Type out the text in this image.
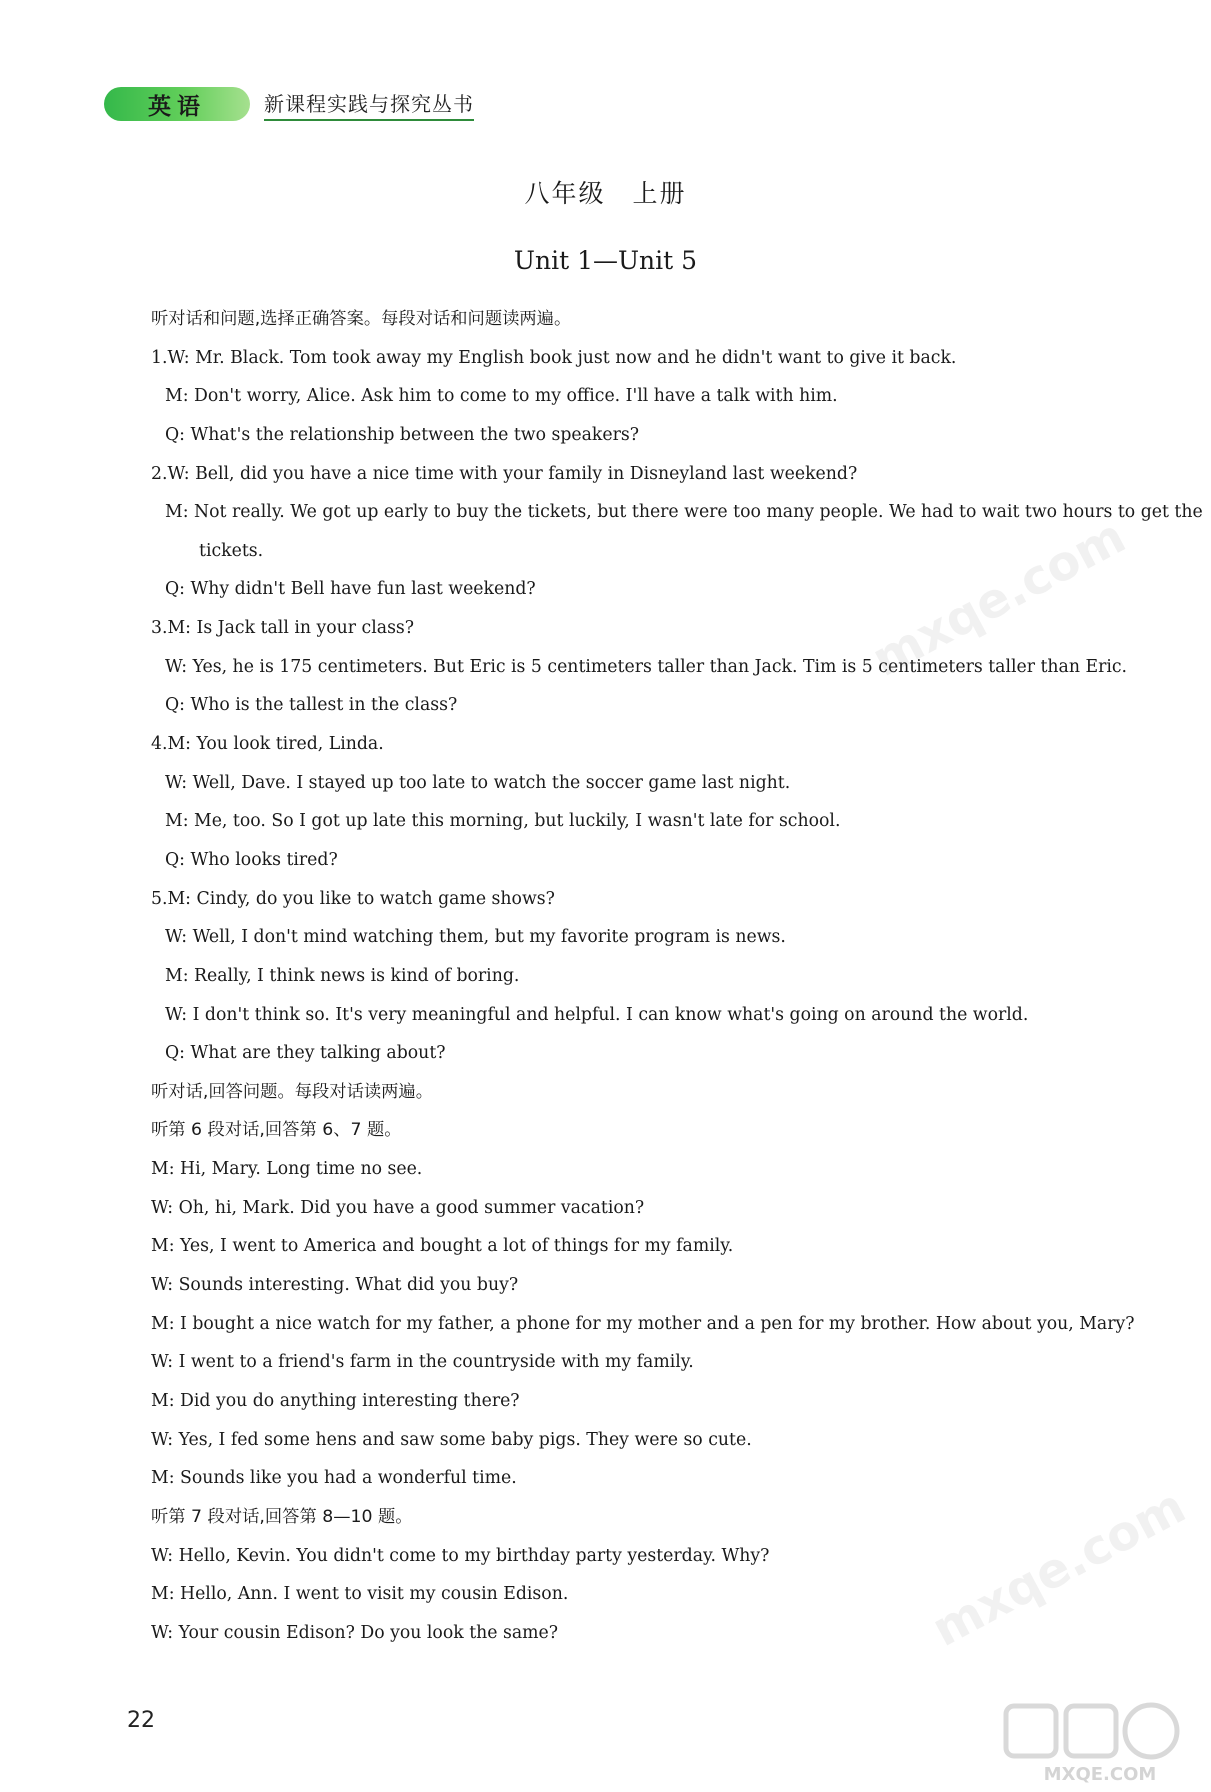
英语	新课程实践与探究丛书
八年级　上册
Unit 1—Unit 5
听对话和问题,选择正确答案。每段对话和问题读两遍。
1.W: Mr. Black. Tom took away my English book just now and he didn't want to give it back.
M: Don't worry, Alice. Ask him to come to my office. I'll have a talk with him.
Q: What's the relationship between the two speakers?
2.W: Bell, did you have a nice time with your family in Disneyland last weekend?
M: Not really. We got up early to buy the tickets, but there were too many people. We had to wait two hours to get the
tickets.
Q: Why didn't Bell have fun last weekend?
3.M: Is Jack tall in your class?
W: Yes, he is 175 centimeters. But Eric is 5 centimeters taller than Jack. Tim is 5 centimeters taller than Eric.
Q: Who is the tallest in the class?
4.M: You look tired, Linda.
W: Well, Dave. I stayed up too late to watch the soccer game last night.
M: Me, too. So I got up late this morning, but luckily, I wasn't late for school.
Q: Who looks tired?
5.M: Cindy, do you like to watch game shows?
W: Well, I don't mind watching them, but my favorite program is news.
M: Really, I think news is kind of boring.
W: I don't think so. It's very meaningful and helpful. I can know what's going on around the world.
Q: What are they talking about?
听对话,回答问题。每段对话读两遍。
听第 6 段对话,回答第 6、7 题。
M: Hi, Mary. Long time no see.
W: Oh, hi, Mark. Did you have a good summer vacation?
M: Yes, I went to America and bought a lot of things for my family.
W: Sounds interesting. What did you buy?
M: I bought a nice watch for my father, a phone for my mother and a pen for my brother. How about you, Mary?
W: I went to a friend's farm in the countryside with my family.
M: Did you do anything interesting there?
W: Yes, I fed some hens and saw some baby pigs. They were so cute.
M: Sounds like you had a wonderful time.
听第 7 段对话,回答第 8—10 题。
W: Hello, Kevin. You didn't come to my birthday party yesterday. Why?
M: Hello, Ann. I went to visit my cousin Edison.
W: Your cousin Edison? Do you look the same?
22
mxqe.com
mxqe.com
MXQE.COM
